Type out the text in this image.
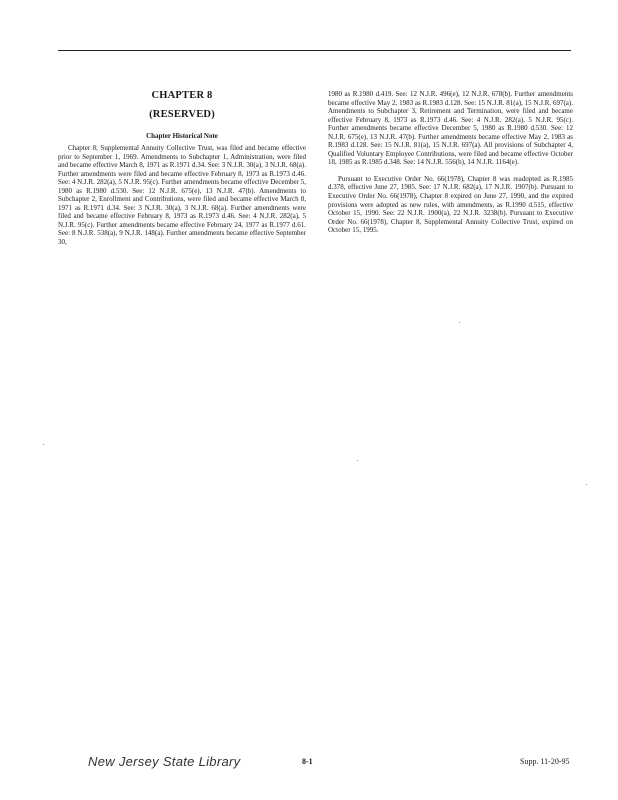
CHAPTER 8
(RESERVED)
Chapter Historical Note

Chapter 8, Supplemental Annuity Collective Trust, was filed and became effective prior to September 1, 1969. Amendments to Subchapter 1, Administration, were filed and became effective March 8, 1971 as R.1971 d.34. See: 3 N.J.R. 30(a), 3 N.J.R. 68(a). Further amendments were filed and became effective February 8, 1973 as R.1973 d.46. See: 4 N.J.R. 282(a), 5 N.J.R. 95(c). Further amendments became effective December 5, 1980 as R.1980 d.530. See: 12 N.J.R. 675(e), 13 N.J.R. 47(b). Amendments to Subchapter 2, Enrollment and Contributions, were filed and became effective March 8, 1971 as R.1971 d.34. See: 3 N.J.R. 30(a), 3 N.J.R. 68(a). Further amendments were filed and became effective February 8, 1973 as R.1973 d.46. See: 4 N.J.R. 282(a), 5 N.J.R. 95(c). Further amendments became effective February 24, 1977 as R.1977 d.61. See: 8 N.J.R. 538(a), 9 N.J.R. 148(a). Further amendments became effective September 30,

1980 as R.1980 d.419. See: 12 N.J.R. 496(e), 12 N.J.R. 678(b). Further amendments became effective May 2, 1983 as R.1983 d.128. See: 15 N.J.R. 81(a), 15 N.J.R. 697(a). Amendments to Subchapter 3, Retirement and Termination, were filed and became effective February 8, 1973 as R.1973 d.46. See: 4 N.J.R. 282(a), 5 N.J.R. 95(c). Further amendments became effective December 5, 1980 as R.1980 d.530. See: 12 N.J.R. 675(e), 13 N.J.R. 47(b). Further amendments became effective May 2, 1983 as R.1983 d.128. See: 15 N.J.R. 81(a), 15 N.J.R. 697(a). All provisions of Subchapter 4, Qualified Voluntary Employee Contributions, were filed and became effective October 18, 1985 as R.1985 d.348. See: 14 N.J.R. 556(b), 14 N.J.R. 1164(e).

Pursuant to Executive Order No. 66(1978), Chapter 8 was readopted as R.1985 d.378, effective June 27, 1985. See: 17 N.J.R. 682(a), 17 N.J.R. 1907(b). Pursuant to Executive Order No. 66(1978), Chapter 8 expired on June 27, 1990, and the expired provisions were adopted as new rules, with amendments, as R.1990 d.515, effective October 15, 1990. See: 22 N.J.R. 1900(a), 22 N.J.R. 3238(b). Pursuant to Executive Order No. 66(1978), Chapter 8, Supplemental Annuity Collective Trust, expired on October 15, 1995.

New Jersey State Library	8-1	Supp. 11-20-95
